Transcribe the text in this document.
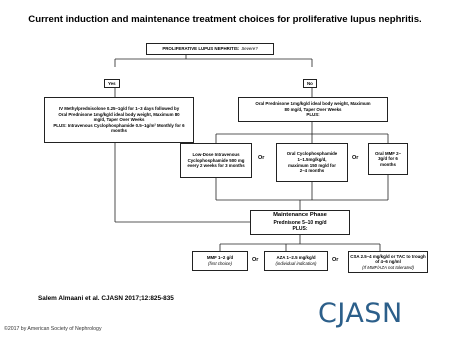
Current induction and maintenance treatment choices for proliferative lupus nephritis.
PROLIFERATIVE LUPUS NEPHRITIS: Severe?
Yes	No
IV Methylprednisolone 0.25–1g/d for 1–3 days followed by
Oral Prednisone 1mg/kg/d ideal body weight, Maximum 80
mg/d, Taper Over Weeks
PLUS: Intravenous Cyclophosphamide 0.5–1g/m² Monthly for 6
months
Oral Prednisone 1mg/kg/d ideal body weight, Maximum
80 mg/d, Taper Over Weeks
PLUS:
Low-Dose Intravenous
Cyclophosphamide 500 mg
every 2 weeks for 3 months
Or
Oral Cyclophosphamide
1–1.5mg/kg/d,
maximum 150 mg/d for
2–4 months
Or
Oral MMF 2–
3g/d for 6
months
Maintenance Phase
Prednisone 5–10 mg/d
PLUS:
MMF 1–2 g/d
(first choice)
Or	AZA 1–2.5 mg/kg/d
(individual indication)
Or
CSA 2.5–4 mg/kg/d or TAC to trough of 4–6 ng/ml
(If MMF/AZA not tolerated)
Salem Almaani et al. CJASN 2017;12:825-835	CJASN
©2017 by American Society of Nephrology
